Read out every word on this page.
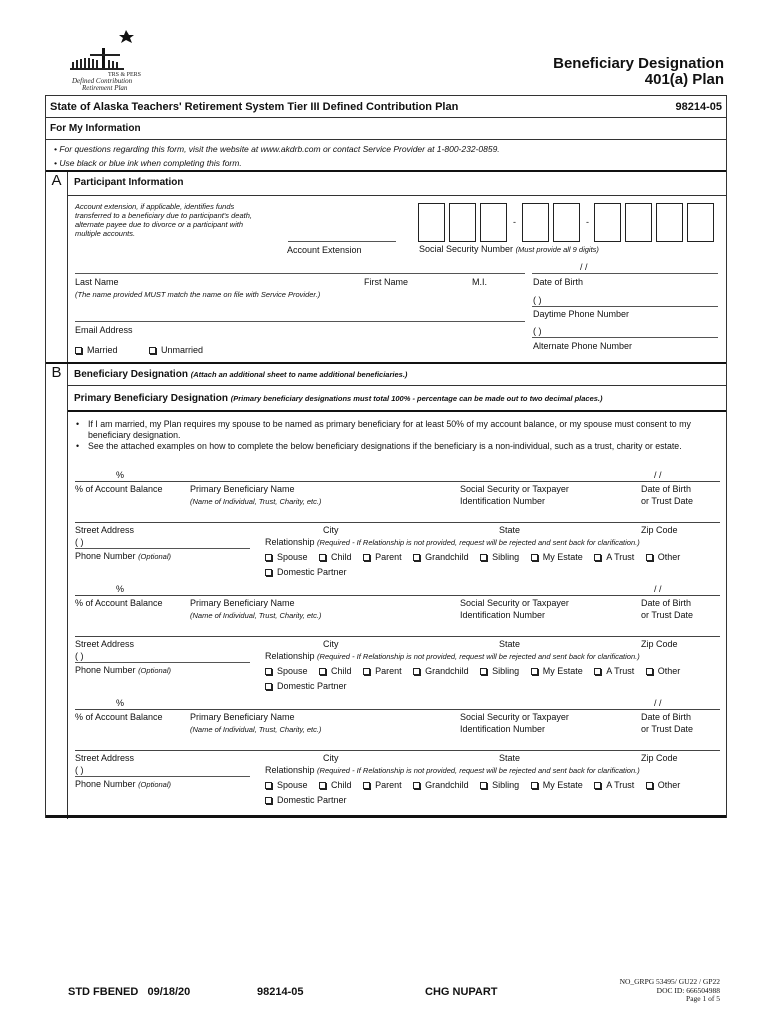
TRS & PERS
Defined Contribution
Retirement Plan
Beneficiary Designation
401(a) Plan
State of Alaska Teachers' Retirement System Tier III Defined Contribution Plan	98214-05
For My Information
• For questions regarding this form, visit the website at www.akdrb.com or contact Service Provider at 1-800-232-0859.
• Use black or blue ink when completing this form.
A	Participant Information
Account extension, if applicable, identifies funds transferred to a beneficiary due to participant's death, alternate payee due to divorce or a participant with multiple accounts.
Account Extension
-	-
Social Security Number (Must provide all 9 digits)
/ /
Last Name	First Name	M.I.	Date of Birth
(The name provided MUST match the name on file with Service Provider.)
( )
Daytime Phone Number
Email Address	( )
Alternate Phone Number
Married	Unmarried
B	Beneficiary Designation (Attach an additional sheet to name additional beneficiaries.)
Primary Beneficiary Designation (Primary beneficiary designations must total 100% - percentage can be made out to two decimal places.)
• If I am married, my Plan requires my spouse to be named as primary beneficiary for at least 50% of my account balance, or my spouse must consent to my beneficiary designation.
• See the attached examples on how to complete the below beneficiary designations if the beneficiary is a non-individual, such as a trust, charity or estate.
%	/ /
% of Account Balance	Primary Beneficiary Name
(Name of Individual, Trust, Charity, etc.)
Social Security or Taxpayer
Identification Number
Date of Birth
or Trust Date
Street Address	City	State	Zip Code
( )
Phone Number (Optional)
Relationship (Required - If Relationship is not provided, request will be rejected and sent back for clarification.)
Spouse	Child	Parent	Grandchild	Sibling	My Estate	A Trust	Other
Domestic Partner
%	/ /
% of Account Balance	Primary Beneficiary Name
(Name of Individual, Trust, Charity, etc.)
Social Security or Taxpayer
Identification Number
Date of Birth
or Trust Date
Street Address	City	State	Zip Code
( )
Phone Number (Optional)
Relationship (Required - If Relationship is not provided, request will be rejected and sent back for clarification.)
Spouse	Child	Parent	Grandchild	Sibling	My Estate	A Trust	Other
Domestic Partner
%	/ /
% of Account Balance	Primary Beneficiary Name
(Name of Individual, Trust, Charity, etc.)
Social Security or Taxpayer
Identification Number
Date of Birth
or Trust Date
Street Address	City	State	Zip Code
( )
Phone Number (Optional)
Relationship (Required - If Relationship is not provided, request will be rejected and sent back for clarification.)
Spouse	Child	Parent	Grandchild	Sibling	My Estate	A Trust	Other
Domestic Partner
STD FBENED 09/18/20	98214-05	CHG NUPART
NO_GRPG 53495/ GU22 / GP22
DOC ID: 666504988
Page 1 of 5
